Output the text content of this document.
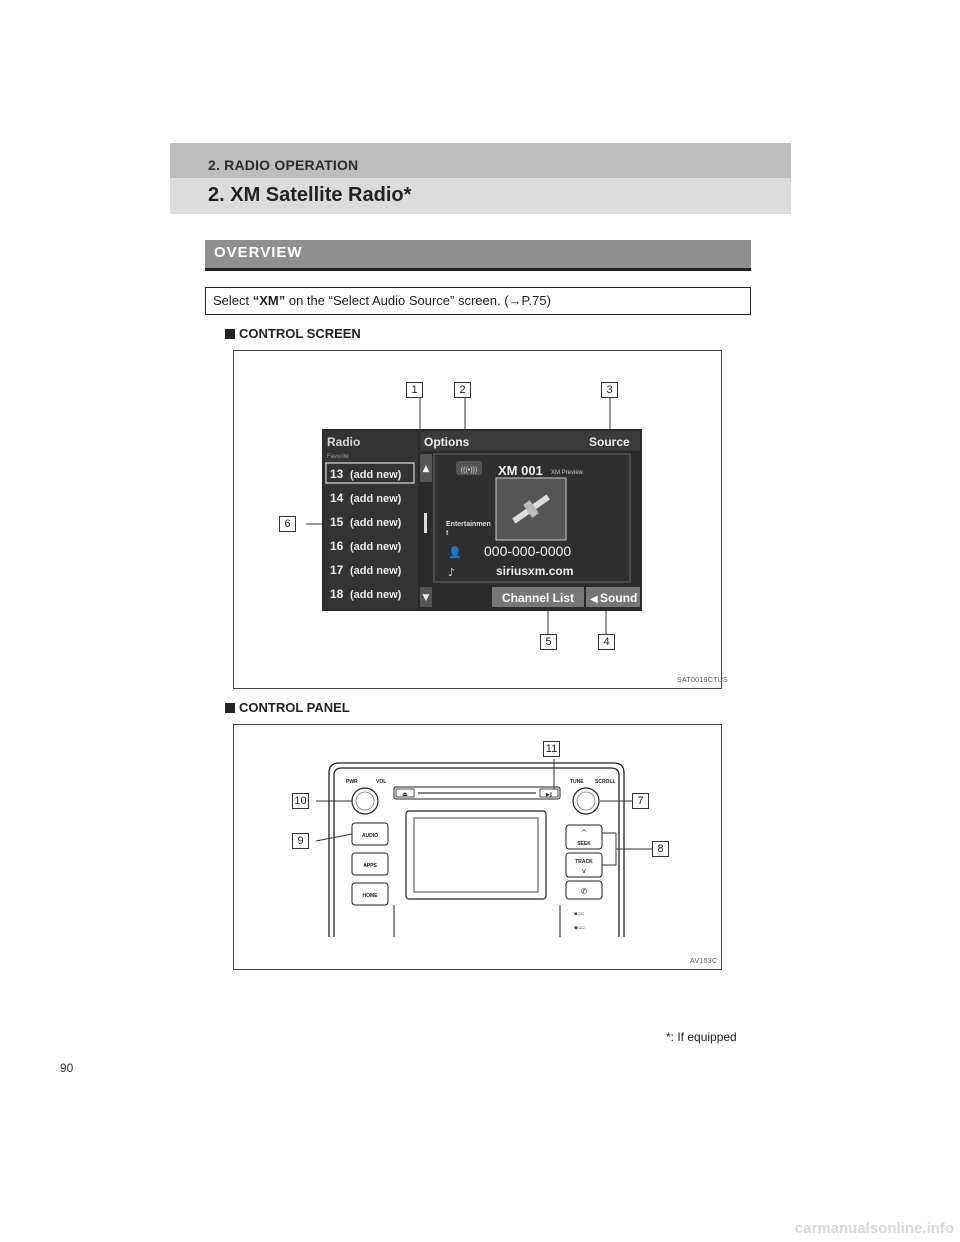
2. RADIO OPERATION
2. XM Satellite Radio*
OVERVIEW
Select “XM” on the “Select Audio Source” screen. (→P.75)
CONTROL SCREEN
Radio
Favorite
13 (add new)
14 (add new)
15 (add new)
16 (add new)
17 (add new)
18 (add new)
▲
▼
Options	Source
(((•))) XM 001 XM Preview
Entertainmen
t
👤 000-000-0000
♪	siriusxm.com
Channel List ◀ Sound
1	2	3
4
5
6
SAT0019CTUS
CONTROL PANEL
⏏	▶‖
PWR	VOL	TUNE SCROLL
AUDIO
APPS
HOME
^
SEEK
TRACK
v
✆
▪▫▫
◆▫▫
7
8
9
10
11
AV153C
*: If equipped
90
carmanualsonline.info
